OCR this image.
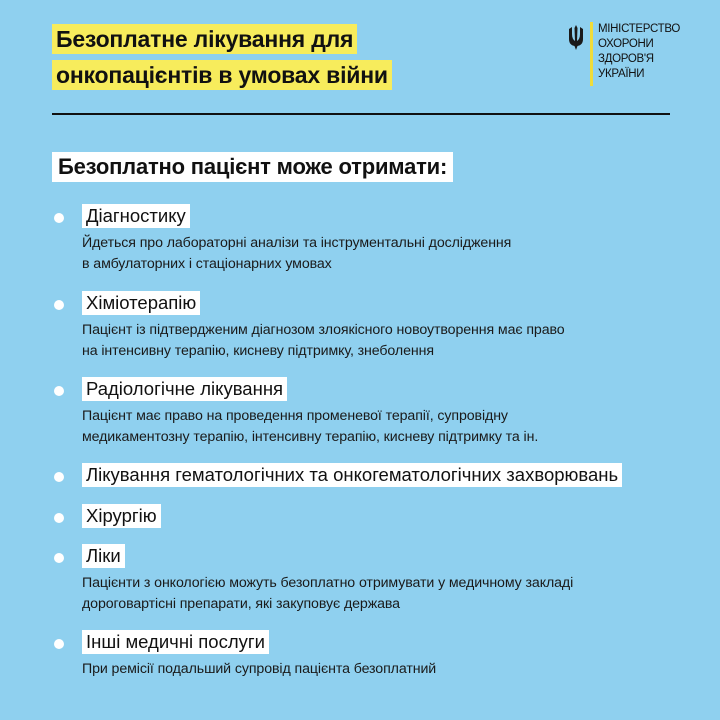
Безоплатне лікування для
онкопацієнтів в умовах війни
МІНІСТЕРСТВО
ОХОРОНИ
ЗДОРОВ'Я
УКРАЇНИ
Безоплатно пацієнт може отримати:
Діагностику
Йдеться про лабораторні аналізи та інструментальні дослідження
в амбулаторних і стаціонарних умовах
Хіміотерапію
Пацієнт із підтвердженим діагнозом злоякісного новоутворення має право
на інтенсивну терапію, кисневу підтримку, знеболення
Радіологічне лікування
Пацієнт має право на проведення променевої терапії, супровідну
медикаментозну терапію, інтенсивну терапію, кисневу підтримку та ін.
Лікування гематологічних та онкогематологічних захворювань
Хірургію
Ліки
Пацієнти з онкологією можуть безоплатно отримувати у медичному закладі
дороговартісні препарати, які закуповує держава
Інші медичні послуги
При ремісії подальший супровід пацієнта безоплатний
